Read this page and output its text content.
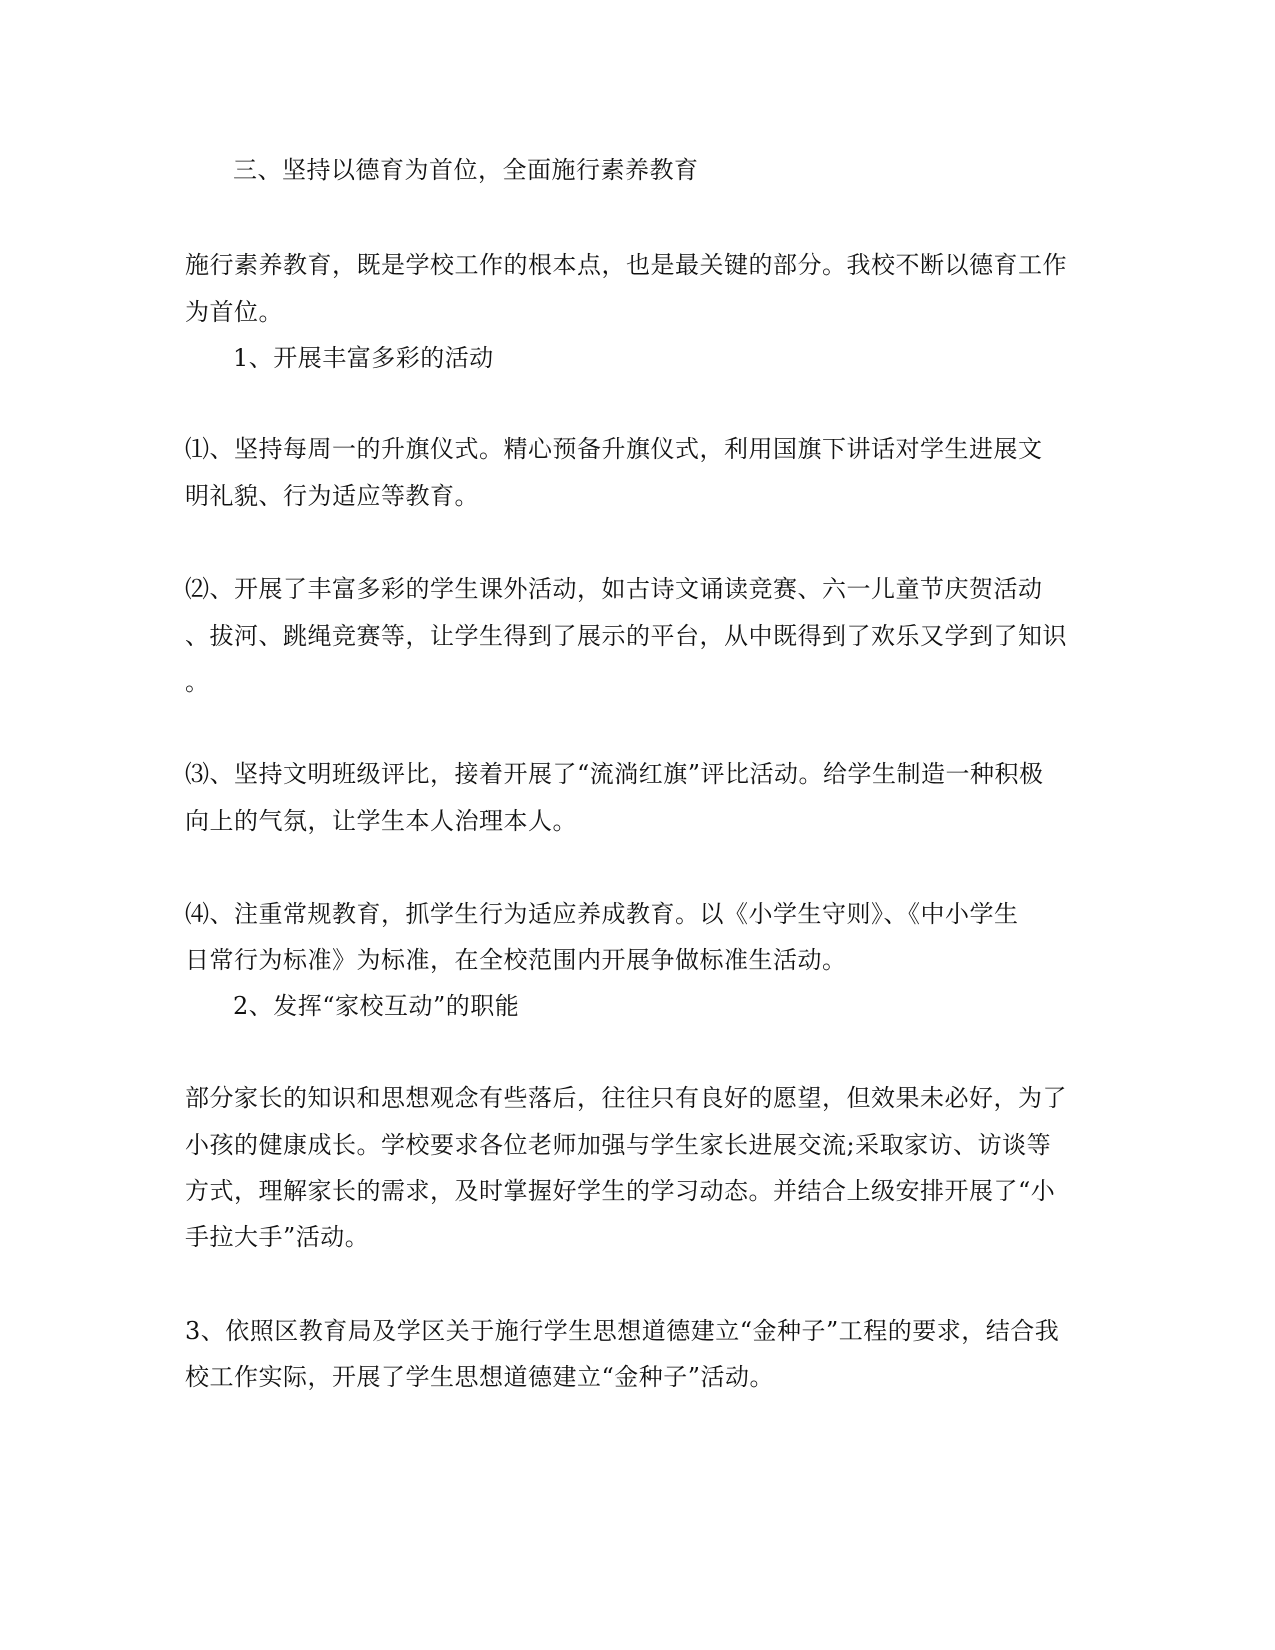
三、坚持以德育为首位，全面施行素养教育
施行素养教育，既是学校工作的根本点，也是最关键的部分。我校不断以德育工作
为首位。
1、开展丰富多彩的活动
⑴、坚持每周一的升旗仪式。精心预备升旗仪式，利用国旗下讲话对学生进展文
明礼貌、行为适应等教育。
⑵、开展了丰富多彩的学生课外活动，如古诗文诵读竞赛、六一儿童节庆贺活动
、拔河、跳绳竞赛等，让学生得到了展示的平台，从中既得到了欢乐又学到了知识
。
⑶、坚持文明班级评比，接着开展了“流淌红旗”评比活动。给学生制造一种积极
向上的气氛，让学生本人治理本人。
⑷、注重常规教育，抓学生行为适应养成教育。以《小学生守则》、《中小学生
日常行为标准》为标准，在全校范围内开展争做标准生活动。
2、发挥“家校互动”的职能
部分家长的知识和思想观念有些落后，往往只有良好的愿望，但效果未必好，为了
小孩的健康成长。学校要求各位老师加强与学生家长进展交流;采取家访、访谈等
方式，理解家长的需求，及时掌握好学生的学习动态。并结合上级安排开展了“小
手拉大手”活动。
3、依照区教育局及学区关于施行学生思想道德建立“金种子”工程的要求，结合我
校工作实际，开展了学生思想道德建立“金种子”活动。
